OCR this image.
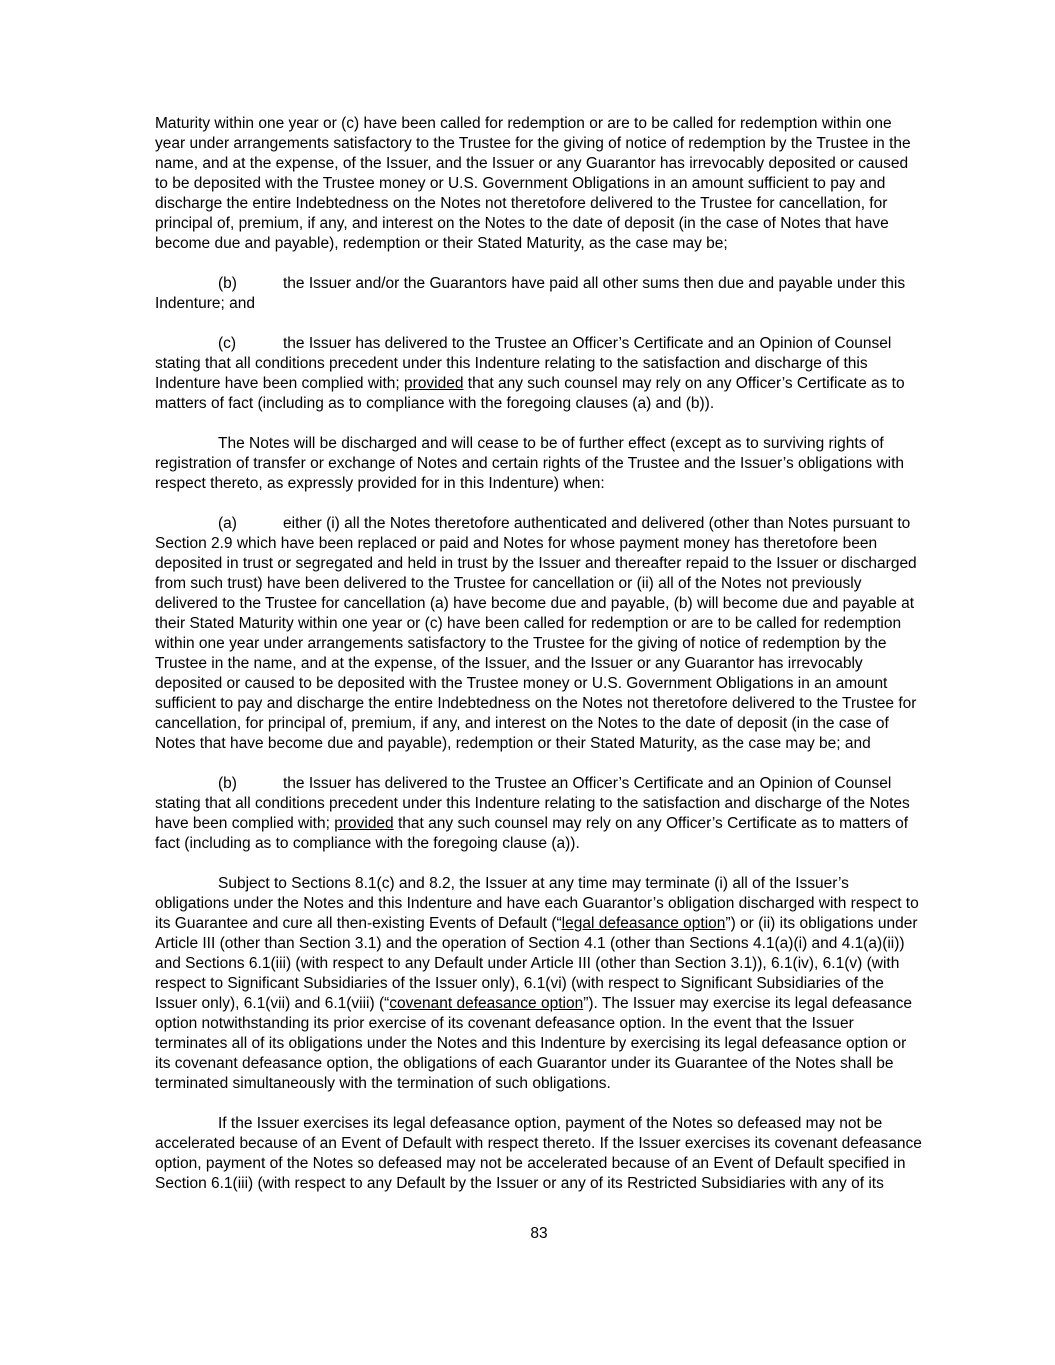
Maturity within one year or (c) have been called for redemption or are to be called for redemption within one year under arrangements satisfactory to the Trustee for the giving of notice of redemption by the Trustee in the name, and at the expense, of the Issuer, and the Issuer or any Guarantor has irrevocably deposited or caused to be deposited with the Trustee money or U.S. Government Obligations in an amount sufficient to pay and discharge the entire Indebtedness on the Notes not theretofore delivered to the Trustee for cancellation, for principal of, premium, if any, and interest on the Notes to the date of deposit (in the case of Notes that have become due and payable), redemption or their Stated Maturity, as the case may be;

(b)	the Issuer and/or the Guarantors have paid all other sums then due and payable under this Indenture; and

(c)	the Issuer has delivered to the Trustee an Officer’s Certificate and an Opinion of Counsel stating that all conditions precedent under this Indenture relating to the satisfaction and discharge of this Indenture have been complied with; provided that any such counsel may rely on any Officer’s Certificate as to matters of fact (including as to compliance with the foregoing clauses (a) and (b)).

The Notes will be discharged and will cease to be of further effect (except as to surviving rights of registration of transfer or exchange of Notes and certain rights of the Trustee and the Issuer’s obligations with respect thereto, as expressly provided for in this Indenture) when:

(a)	either (i) all the Notes theretofore authenticated and delivered (other than Notes pursuant to Section 2.9 which have been replaced or paid and Notes for whose payment money has theretofore been deposited in trust or segregated and held in trust by the Issuer and thereafter repaid to the Issuer or discharged from such trust) have been delivered to the Trustee for cancellation or (ii) all of the Notes not previously delivered to the Trustee for cancellation (a) have become due and payable, (b) will become due and payable at their Stated Maturity within one year or (c) have been called for redemption or are to be called for redemption within one year under arrangements satisfactory to the Trustee for the giving of notice of redemption by the Trustee in the name, and at the expense, of the Issuer, and the Issuer or any Guarantor has irrevocably deposited or caused to be deposited with the Trustee money or U.S. Government Obligations in an amount sufficient to pay and discharge the entire Indebtedness on the Notes not theretofore delivered to the Trustee for cancellation, for principal of, premium, if any, and interest on the Notes to the date of deposit (in the case of Notes that have become due and payable), redemption or their Stated Maturity, as the case may be; and

(b)	the Issuer has delivered to the Trustee an Officer’s Certificate and an Opinion of Counsel stating that all conditions precedent under this Indenture relating to the satisfaction and discharge of the Notes have been complied with; provided that any such counsel may rely on any Officer’s Certificate as to matters of fact (including as to compliance with the foregoing clause (a)).

Subject to Sections 8.1(c) and 8.2, the Issuer at any time may terminate (i) all of the Issuer’s obligations under the Notes and this Indenture and have each Guarantor’s obligation discharged with respect to its Guarantee and cure all then-existing Events of Default (“legal defeasance option”) or (ii) its obligations under Article III (other than Section 3.1) and the operation of Section 4.1 (other than Sections 4.1(a)(i) and 4.1(a)(ii)) and Sections 6.1(iii) (with respect to any Default under Article III (other than Section 3.1)), 6.1(iv), 6.1(v) (with respect to Significant Subsidiaries of the Issuer only), 6.1(vi) (with respect to Significant Subsidiaries of the Issuer only), 6.1(vii) and 6.1(viii) (“covenant defeasance option”). The Issuer may exercise its legal defeasance option notwithstanding its prior exercise of its covenant defeasance option. In the event that the Issuer terminates all of its obligations under the Notes and this Indenture by exercising its legal defeasance option or its covenant defeasance option, the obligations of each Guarantor under its Guarantee of the Notes shall be terminated simultaneously with the termination of such obligations.

If the Issuer exercises its legal defeasance option, payment of the Notes so defeased may not be accelerated because of an Event of Default with respect thereto. If the Issuer exercises its covenant defeasance option, payment of the Notes so defeased may not be accelerated because of an Event of Default specified in Section 6.1(iii) (with respect to any Default by the Issuer or any of its Restricted Subsidiaries with any of its

83
